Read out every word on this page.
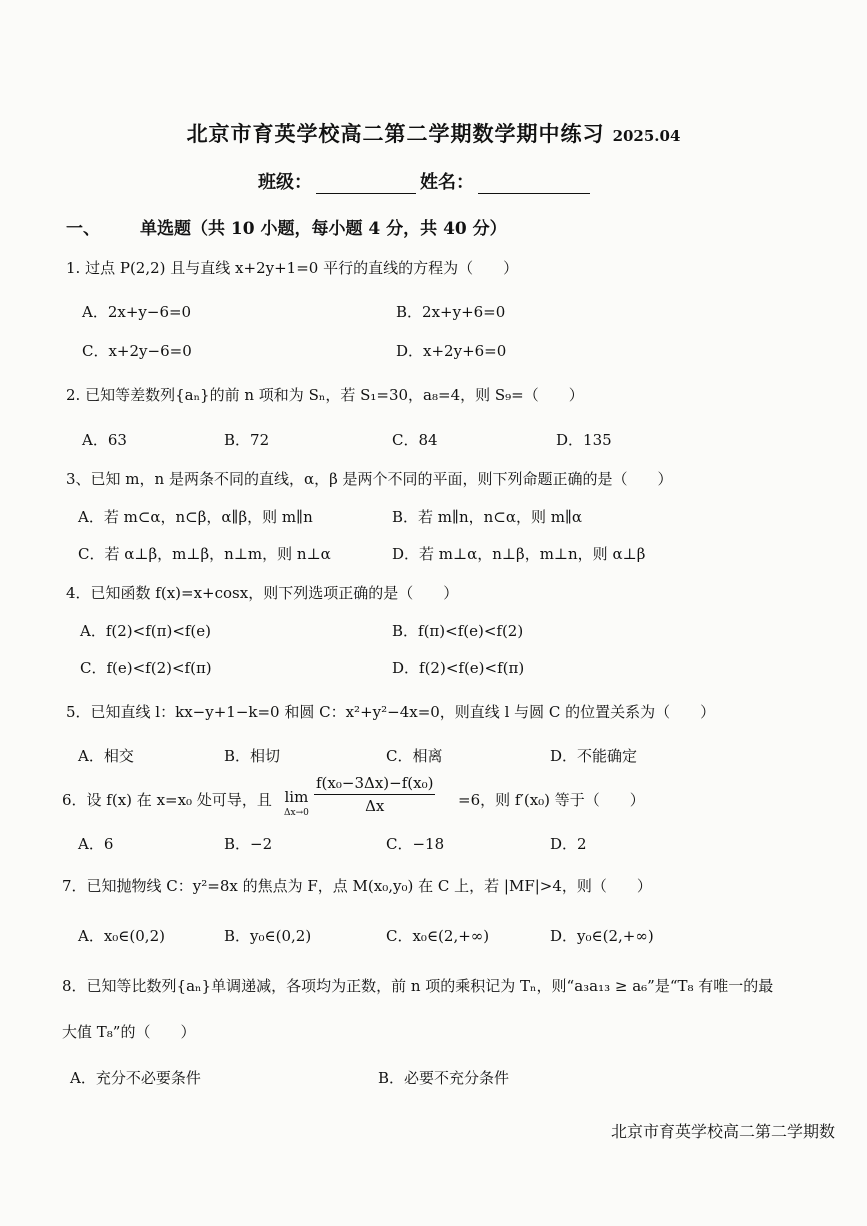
北京市育英学校高二第二学期数学期中练习 2025.04
班级：	姓名：
一、 单选题（共 10 小题，每小题 4 分，共 40 分）
1. 过点 P(2,2) 且与直线 x+2y+1=0 平行的直线的方程为（　　）
A．2x+y−6=0	B．2x+y+6=0
C．x+2y−6=0	D．x+2y+6=0
2. 已知等差数列{aₙ}的前 n 项和为 Sₙ，若 S₁=30，a₈=4，则 S₉=（　　）
A．63	B．72	C．84	D．135
3、已知 m，n 是两条不同的直线，α，β 是两个不同的平面，则下列命题正确的是（　　）
A．若 m⊂α，n⊂β，α∥β，则 m∥n	B．若 m∥n，n⊂α，则 m∥α
C．若 α⊥β，m⊥β，n⊥m，则 n⊥α	D．若 m⊥α，n⊥β，m⊥n，则 α⊥β
4．已知函数 f(x)=x+cosx，则下列选项正确的是（　　）
A．f(2)<f(π)<f(e)	B．f(π)<f(e)<f(2)
C．f(e)<f(2)<f(π)	D．f(2)<f(e)<f(π)
5．已知直线 l：kx−y+1−k=0 和圆 C：x²+y²−4x=0，则直线 l 与圆 C 的位置关系为（　　）
A．相交	B．相切	C．相离	D．不能确定
6．设 f(x) 在 x=x₀ 处可导，且 lim
$\Delta x\to 0 \frac{\text{f(x₀−3Δx)−f(x₀)}}{\Delta x} =6$，则 f′(x₀) 等于（　　）
A．6	B．−2	C．−18	D．2
7．已知抛物线 C：y²=8x 的焦点为 F，点 M(x₀,y₀) 在 C 上，若 |MF|>4，则（　　）
A．x₀∈(0,2)	B．y₀∈(0,2)	C．x₀∈(2,+∞)	D．y₀∈(2,+∞)
8．已知等比数列{aₙ}单调递减，各项均为正数，前 n 项的乘积记为 Tₙ，则“a₃a₁₃ ≥ a₆”是“T₈ 有唯一的最
大值 T₈”的（　　）
A．充分不必要条件	B．必要不充分条件
北京市育英学校高二第二学期数
